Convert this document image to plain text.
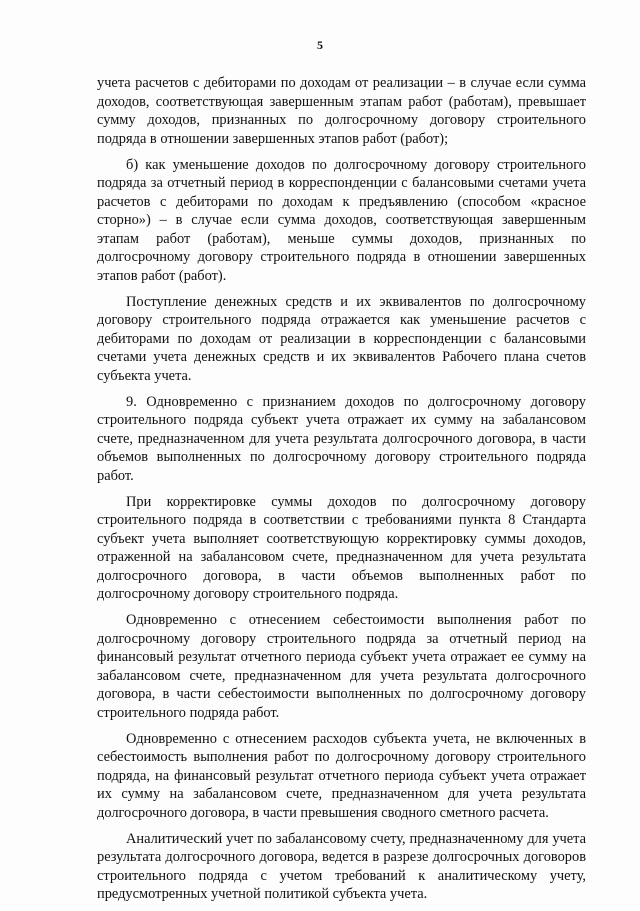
5

учета расчетов с дебиторами по доходам от реализации – в случае если сумма доходов, соответствующая завершенным этапам работ (работам), превышает сумму доходов, признанных по долгосрочному договору строительного подряда в отношении завершенных этапов работ (работ);

б) как уменьшение доходов по долгосрочному договору строительного подряда за отчетный период в корреспонденции с балансовыми счетами учета расчетов с дебиторами по доходам к предъявлению (способом «красное сторно») – в случае если сумма доходов, соответствующая завершенным этапам работ (работам), меньше суммы доходов, признанных по долгосрочному договору строительного подряда в отношении завершенных этапов работ (работ).

Поступление денежных средств и их эквивалентов по долгосрочному договору строительного подряда отражается как уменьшение расчетов с дебиторами по доходам от реализации в корреспонденции с балансовыми счетами учета денежных средств и их эквивалентов Рабочего плана счетов субъекта учета.

9. Одновременно с признанием доходов по долгосрочному договору строительного подряда субъект учета отражает их сумму на забалансовом счете, предназначенном для учета результата долгосрочного договора, в части объемов выполненных по долгосрочному договору строительного подряда работ.

При корректировке суммы доходов по долгосрочному договору строительного подряда в соответствии с требованиями пункта 8 Стандарта субъект учета выполняет соответствующую корректировку суммы доходов, отраженной на забалансовом счете, предназначенном для учета результата долгосрочного договора, в части объемов выполненных работ по долгосрочному договору строительного подряда.

Одновременно с отнесением себестоимости выполнения работ по долгосрочному договору строительного подряда за отчетный период на финансовый результат отчетного периода субъект учета отражает ее сумму на забалансовом счете, предназначенном для учета результата долгосрочного договора, в части себестоимости выполненных по долгосрочному договору строительного подряда работ.

Одновременно с отнесением расходов субъекта учета, не включенных в себестоимость выполнения работ по долгосрочному договору строительного подряда, на финансовый результат отчетного периода субъект учета отражает их сумму на забалансовом счете, предназначенном для учета результата долгосрочного договора, в части превышения сводного сметного расчета.

Аналитический учет по забалансовому счету, предназначенному для учета результата долгосрочного договора, ведется в разрезе долгосрочных договоров строительного подряда с учетом требований к аналитическому учету, предусмотренных учетной политикой субъекта учета.
